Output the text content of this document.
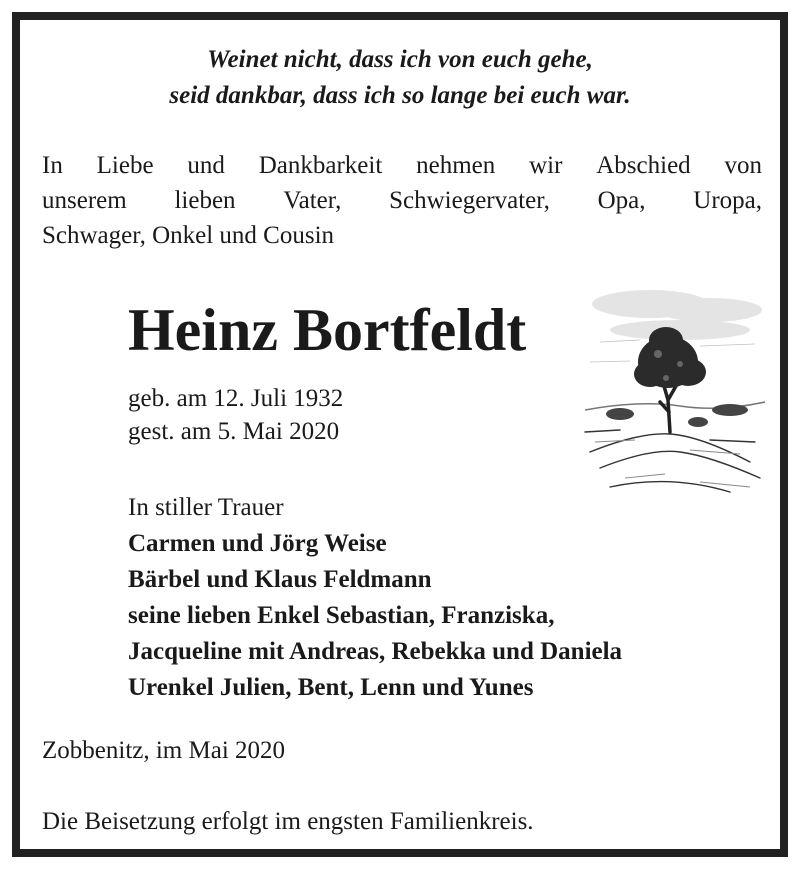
Weinet nicht, dass ich von euch gehe,
seid dankbar, dass ich so lange bei euch war.
In Liebe und Dankbarkeit nehmen wir Abschied von
unserem lieben Vater, Schwiegervater, Opa, Uropa,
Schwager, Onkel und Cousin
Heinz Bortfeldt
geb. am 12. Juli 1932
gest. am 5. Mai 2020
In stiller Trauer
Carmen und Jörg Weise
Bärbel und Klaus Feldmann
seine lieben Enkel Sebastian, Franziska,
Jacqueline mit Andreas, Rebekka und Daniela
Urenkel Julien, Bent, Lenn und Yunes
Zobbenitz, im Mai 2020
Die Beisetzung erfolgt im engsten Familienkreis.
